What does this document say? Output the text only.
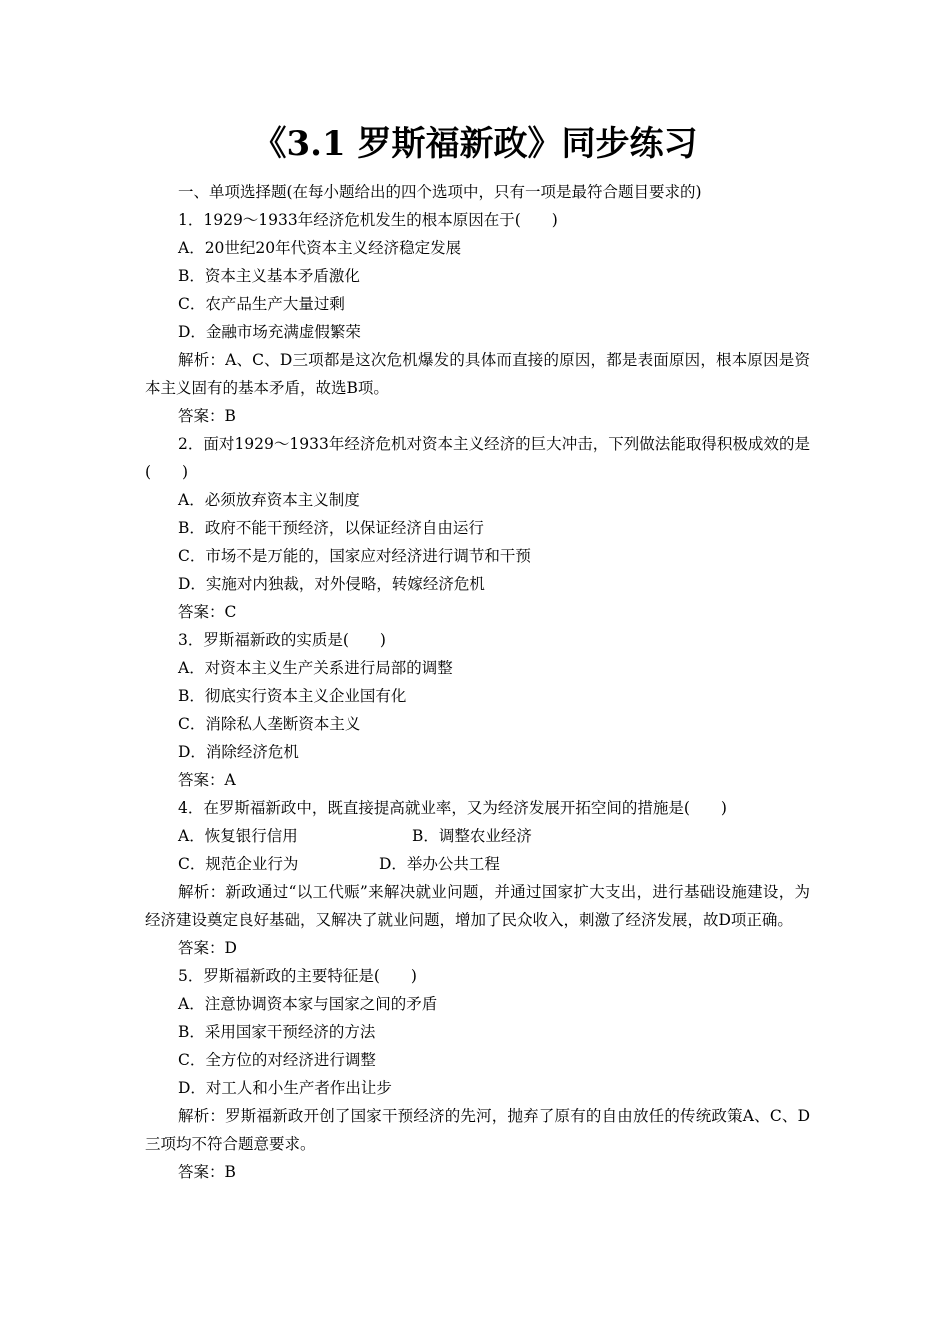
《3.1 罗斯福新政》同步练习

一、单项选择题(在每小题给出的四个选项中，只有一项是最符合题目要求的)

1．1929～1933年经济危机发生的根本原因在于(　　)

A．20世纪20年代资本主义经济稳定发展

B．资本主义基本矛盾激化

C．农产品生产大量过剩

D．金融市场充满虚假繁荣

解析：A、C、D三项都是这次危机爆发的具体而直接的原因，都是表面原因，根本原因是资本主义固有的基本矛盾，故选B项。

答案：B

2．面对1929～1933年经济危机对资本主义经济的巨大冲击，下列做法能取得积极成效的是(　　)

A．必须放弃资本主义制度

B．政府不能干预经济，以保证经济自由运行

C．市场不是万能的，国家应对经济进行调节和干预

D．实施对内独裁，对外侵略，转嫁经济危机

答案：C

3．罗斯福新政的实质是(　　)

A．对资本主义生产关系进行局部的调整

B．彻底实行资本主义企业国有化

C．消除私人垄断资本主义

D．消除经济危机

答案：A

4．在罗斯福新政中，既直接提高就业率，又为经济发展开拓空间的措施是(　　)

A．恢复银行信用	B．调整农业经济
C．规范企业行为	D．举办公共工程

解析：新政通过“以工代赈”来解决就业问题，并通过国家扩大支出，进行基础设施建设，为经济建设奠定良好基础，又解决了就业问题，增加了民众收入，刺激了经济发展，故D项正确。

答案：D

5．罗斯福新政的主要特征是(　　)

A．注意协调资本家与国家之间的矛盾

B．采用国家干预经济的方法

C．全方位的对经济进行调整

D．对工人和小生产者作出让步

解析：罗斯福新政开创了国家干预经济的先河，抛弃了原有的自由放任的传统政策A、C、D三项均不符合题意要求。

答案：B
